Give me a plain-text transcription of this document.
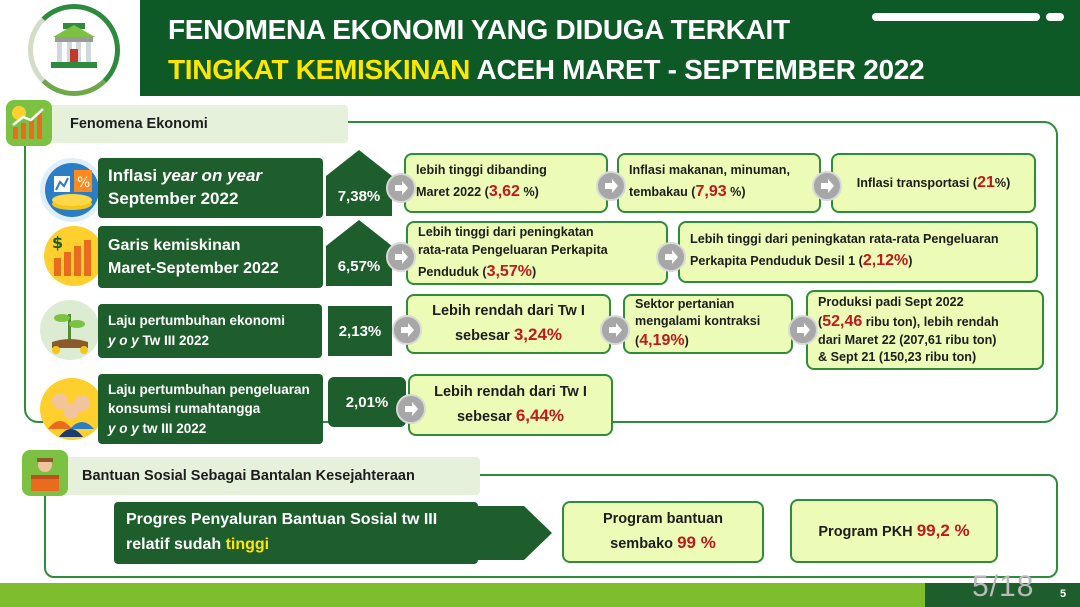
FENOMENA EKONOMI YANG DIDUGA TERKAIT
TINGKAT KEMISKINAN ACEH MARET - SEPTEMBER 2022
Fenomena Ekonomi
% Inflasi year on year
September 2022	7,38%
lebih tinggi dibanding
Maret 2022 (3,62 %)
Inflasi makanan, minuman,
tembakau (7,93 %)
Inflasi transportasi (21%)
$	Garis kemiskinan
Maret-September 2022	6,57%
Lebih tinggi dari peningkatan
rata-rata Pengeluaran Perkapita
Penduduk (3,57%)
Lebih tinggi dari peningkatan rata-rata Pengeluaran
Perkapita Penduduk Desil 1 (2,12%)
Laju pertumbuhan ekonomi
y o y Tw III 2022
2,13%
Lebih rendah dari Tw I
sebesar 3,24%
Sektor pertanian
mengalami kontraksi
(4,19%)
Produksi padi Sept 2022
(52,46 ribu ton), lebih rendah
dari Maret 22 (207,61 ribu ton)
& Sept 21 (150,23 ribu ton)
Laju pertumbuhan pengeluaran
konsumsi rumahtangga
y o y tw III 2022
2,01%
Lebih rendah dari Tw I
sebesar 6,44%
Bantuan Sosial Sebagai Bantalan Kesejahteraan
Progres Penyaluran Bantuan Sosial tw III
relatif sudah tinggi
Program bantuan
sembako 99 %
Program PKH 99,2 %
5/18 5
